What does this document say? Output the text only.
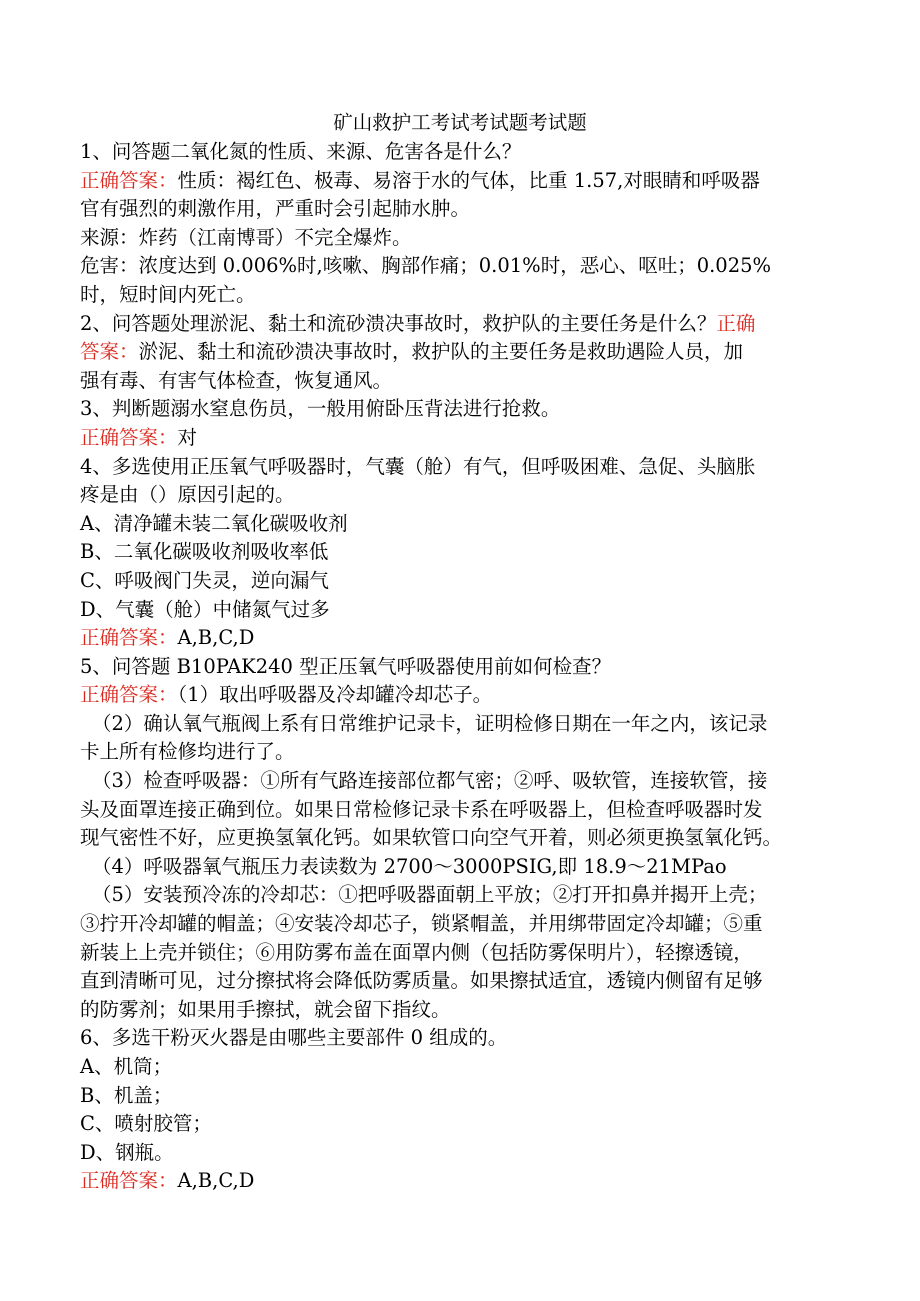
矿山救护工考试考试题考试题
1、问答题二氧化氮的性质、来源、危害各是什么？
正确答案：性质：褐红色、极毒、易溶于水的气体，比重 1.57,对眼睛和呼吸器
官有强烈的刺激作用，严重时会引起肺水肿。
来源：炸药（江南博哥）不完全爆炸。
危害：浓度达到 0.006%时,咳嗽、胸部作痛；0.01%时，恶心、呕吐；0.025%
时，短时间内死亡。
2、问答题处理淤泥、黏土和流砂溃决事故时，救护队的主要任务是什么？正确
答案：淤泥、黏土和流砂溃决事故时，救护队的主要任务是救助遇险人员，加
强有毒、有害气体检查，恢复通风。
3、判断题溺水窒息伤员，一般用俯卧压背法进行抢救。
正确答案：对
4、多选使用正压氧气呼吸器时，气囊（舱）有气，但呼吸困难、急促、头脑胀
疼是由（）原因引起的。
A、清净罐未装二氧化碳吸收剂
B、二氧化碳吸收剂吸收率低
C、呼吸阀门失灵，逆向漏气
D、气囊（舱）中储氮气过多
正确答案：A,B,C,D
5、问答题 B10PAK240 型正压氧气呼吸器使用前如何检查？
正确答案：（1）取出呼吸器及冷却罐冷却芯子。
（2）确认氧气瓶阀上系有日常维护记录卡，证明检修日期在一年之内，该记录
卡上所有检修均进行了。
（3）检查呼吸器：①所有气路连接部位都气密；②呼、吸软管，连接软管，接
头及面罩连接正确到位。如果日常检修记录卡系在呼吸器上，但检查呼吸器时发
现气密性不好，应更换氢氧化钙。如果软管口向空气开着，则必须更换氢氧化钙。
（4）呼吸器氧气瓶压力表读数为 2700～3000PSIG,即 18.9～21MPao
（5）安装预冷冻的冷却芯：①把呼吸器面朝上平放；②打开扣鼻并揭开上壳；
③拧开冷却罐的帽盖；④安装冷却芯子，锁紧帽盖，并用绑带固定冷却罐；⑤重
新装上上壳并锁住；⑥用防雾布盖在面罩内侧（包括防雾保明片），轻擦透镜，
直到清晰可见，过分擦拭将会降低防雾质量。如果擦拭适宜，透镜内侧留有足够
的防雾剂；如果用手擦拭，就会留下指纹。
6、多选干粉灭火器是由哪些主要部件 0 组成的。
A、机筒；
B、机盖；
C、喷射胶管；
D、钢瓶。
正确答案：A,B,C,D
